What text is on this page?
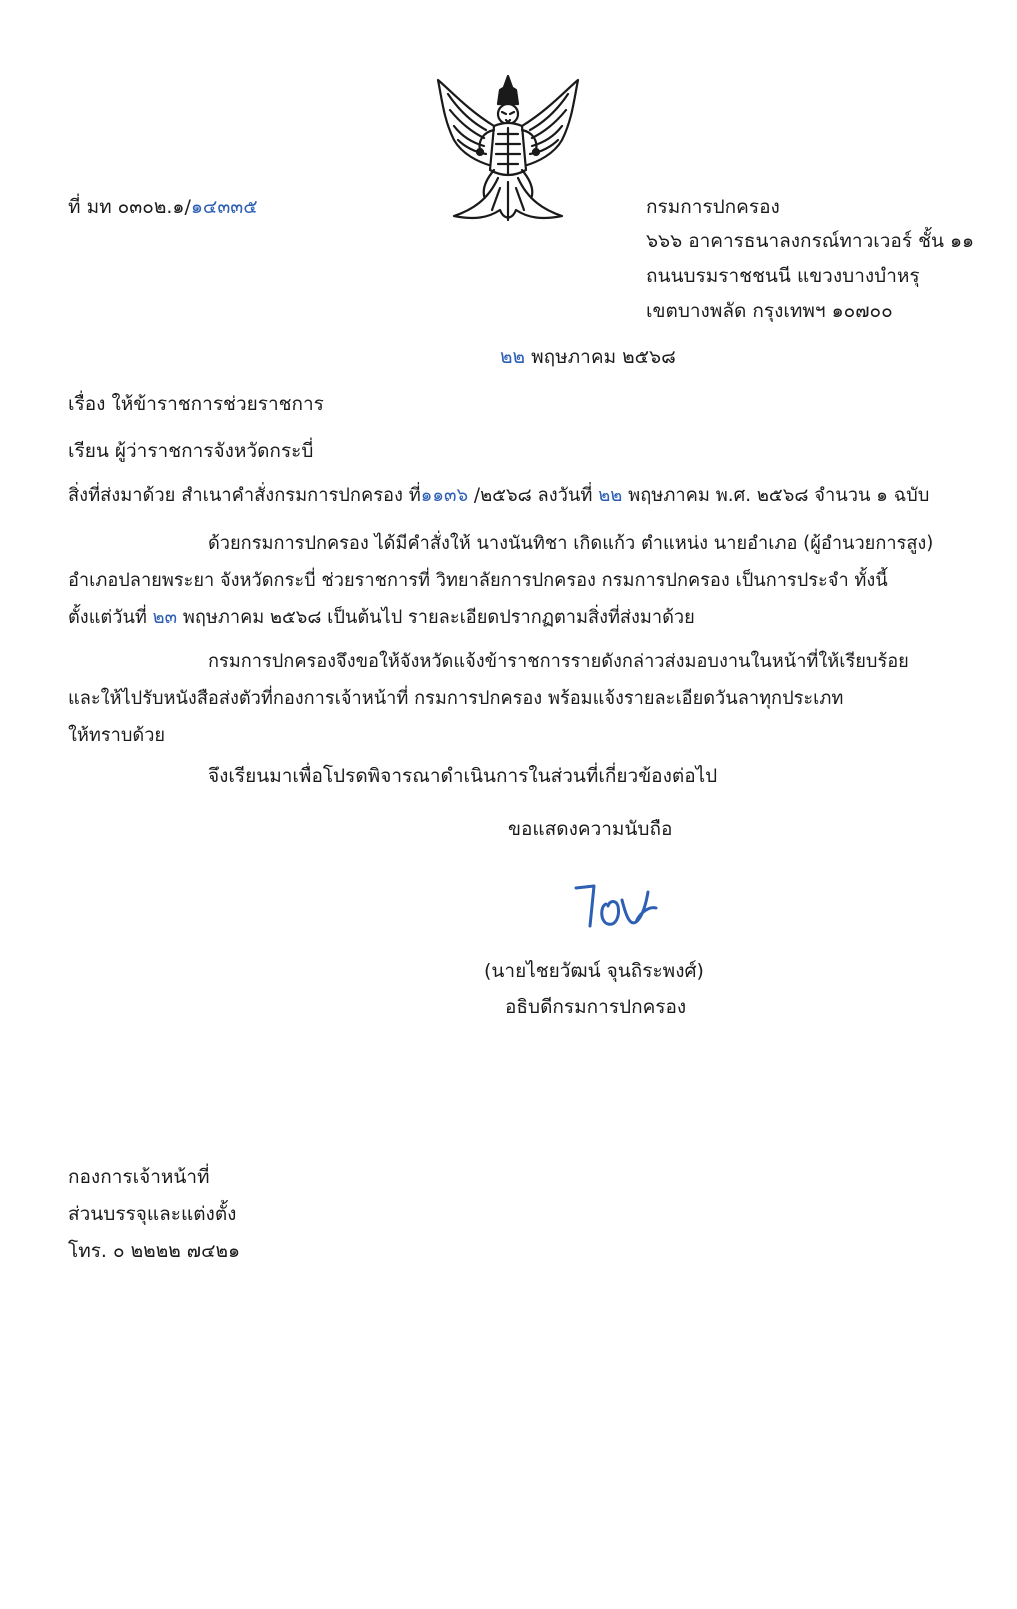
ที่ มท ๐๓๐๒.๑/๑๔๓๓๕	กรมการปกครอง
๖๖๖ อาคารธนาลงกรณ์ทาวเวอร์ ชั้น ๑๑
ถนนบรมราชชนนี แขวงบางบำหรุ
เขตบางพลัด กรุงเทพฯ ๑๐๗๐๐
๒๒ พฤษภาคม ๒๕๖๘
เรื่อง ให้ข้าราชการช่วยราชการ
เรียน ผู้ว่าราชการจังหวัดกระบี่
สิ่งที่ส่งมาด้วย สำเนาคำสั่งกรมการปกครอง ที่๑๑๓๖ /๒๕๖๘ ลงวันที่ ๒๒ พฤษภาคม พ.ศ. ๒๕๖๘ จำนวน ๑ ฉบับ
ด้วยกรมการปกครอง ได้มีคำสั่งให้ นางนันทิชา เกิดแก้ว ตำแหน่ง นายอำเภอ (ผู้อำนวยการสูง)
อำเภอปลายพระยา จังหวัดกระบี่ ช่วยราชการที่ วิทยาลัยการปกครอง กรมการปกครอง เป็นการประจำ ทั้งนี้
ตั้งแต่วันที่ ๒๓ พฤษภาคม ๒๕๖๘ เป็นต้นไป รายละเอียดปรากฏตามสิ่งที่ส่งมาด้วย
กรมการปกครองจึงขอให้จังหวัดแจ้งข้าราชการรายดังกล่าวส่งมอบงานในหน้าที่ให้เรียบร้อย
และให้ไปรับหนังสือส่งตัวที่กองการเจ้าหน้าที่ กรมการปกครอง พร้อมแจ้งรายละเอียดวันลาทุกประเภท
ให้ทราบด้วย
จึงเรียนมาเพื่อโปรดพิจารณาดำเนินการในส่วนที่เกี่ยวข้องต่อไป
ขอแสดงความนับถือ
(นายไชยวัฒน์ จุนถิระพงศ์)
อธิบดีกรมการปกครอง
กองการเจ้าหน้าที่
ส่วนบรรจุและแต่งตั้ง
โทร. ๐ ๒๒๒๒ ๗๔๒๑
